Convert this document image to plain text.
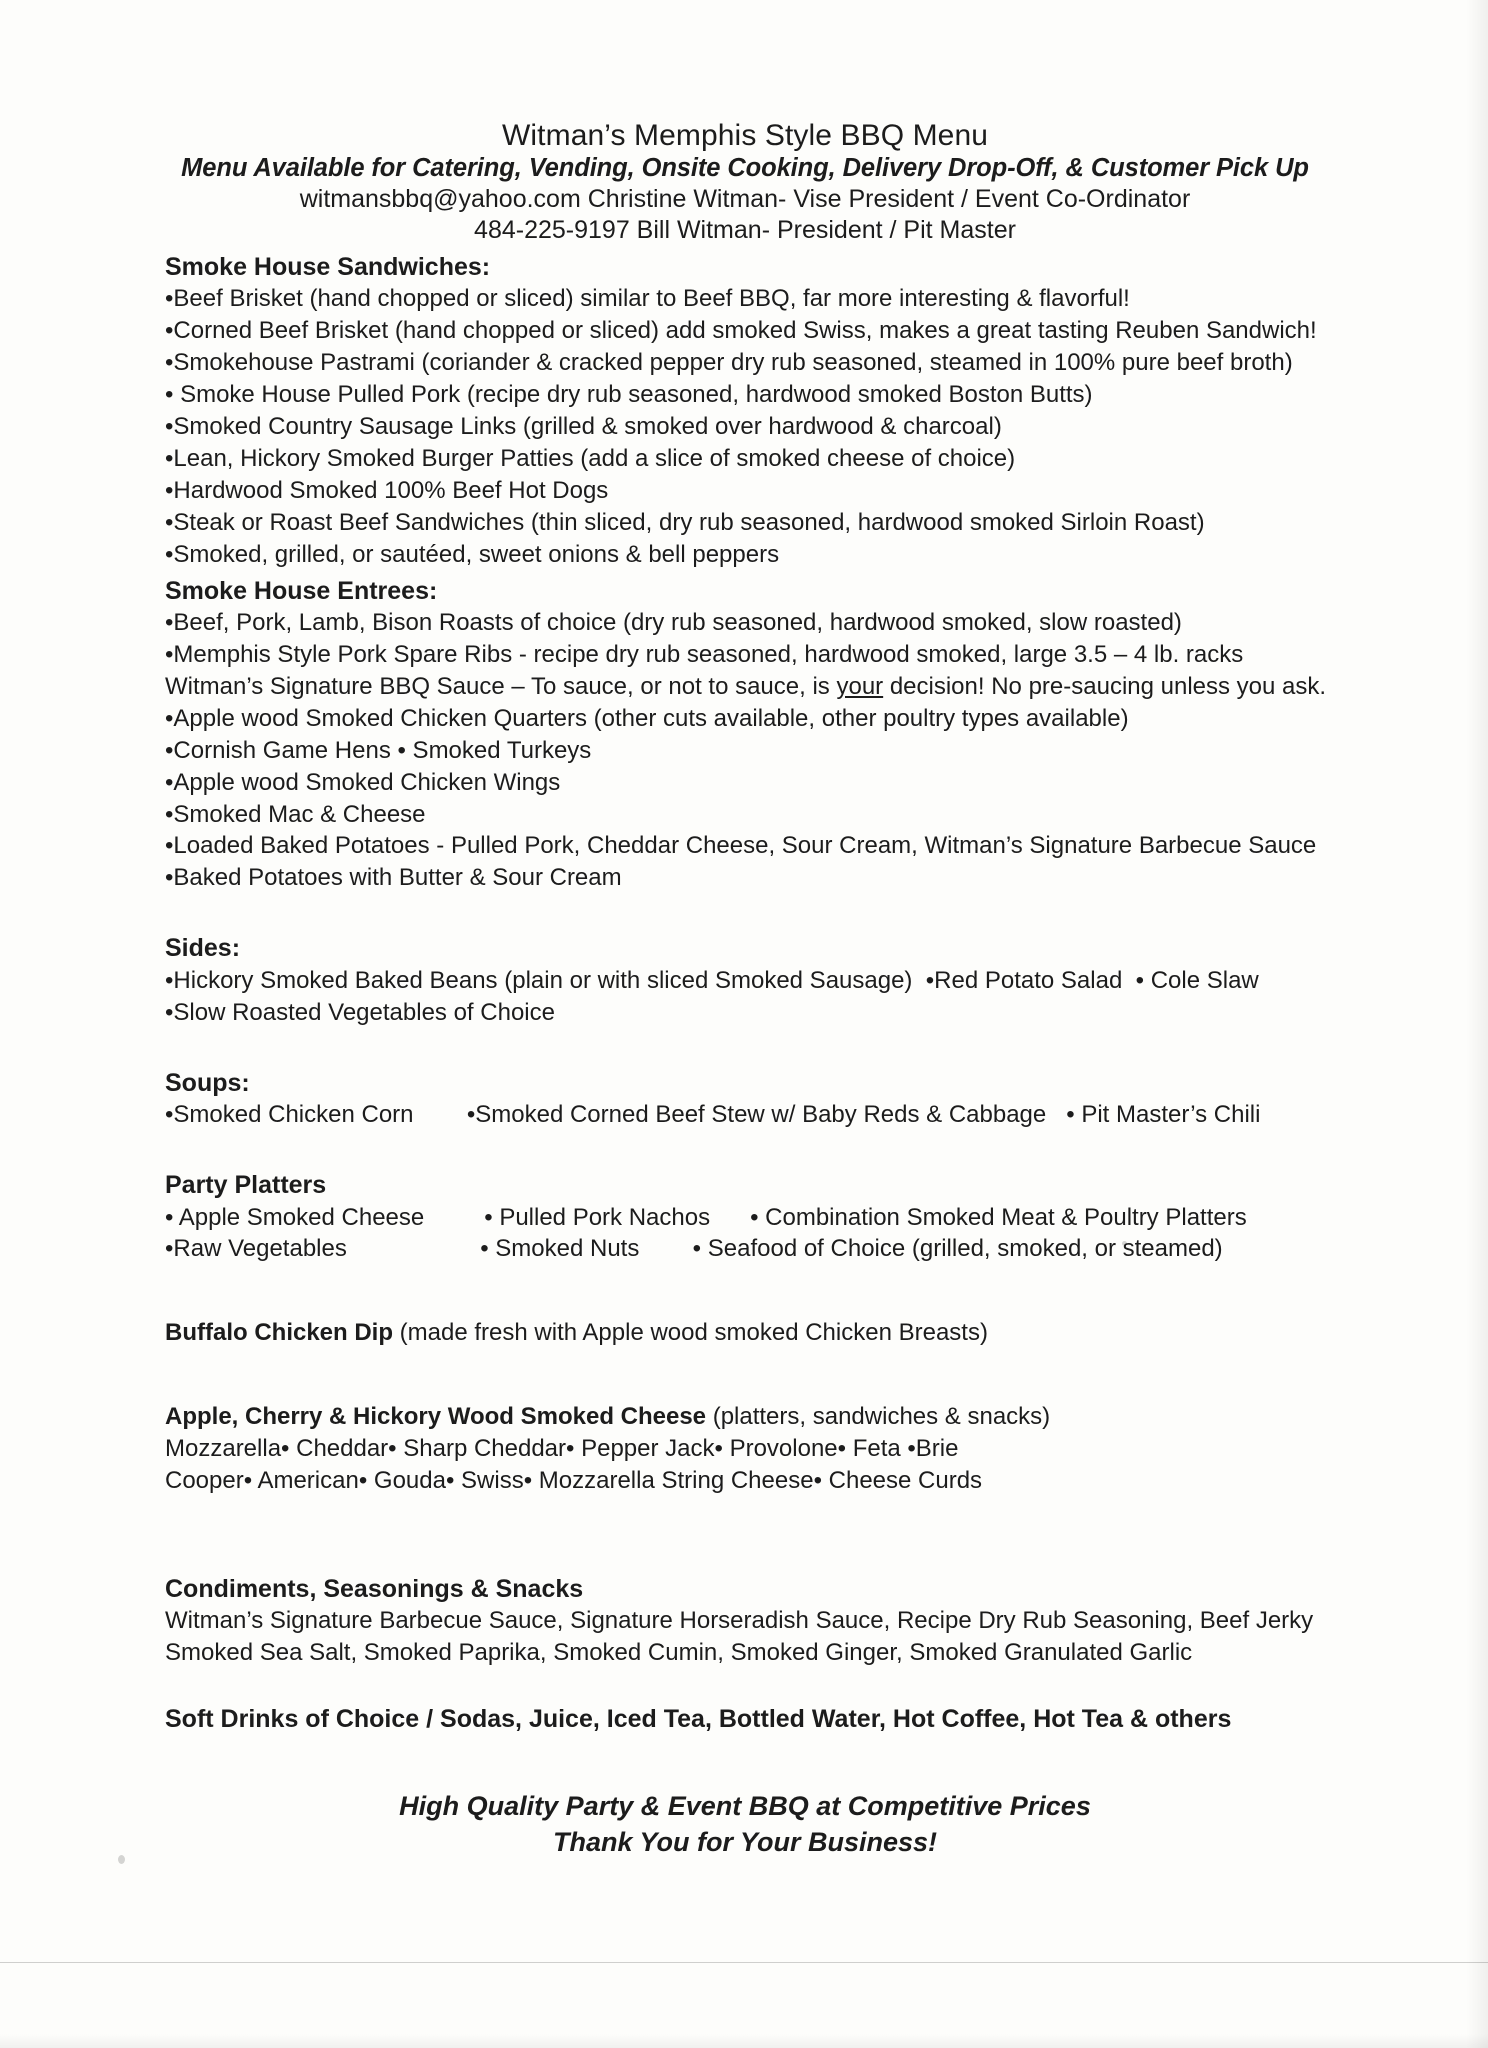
Witman’s Memphis Style BBQ Menu
Menu Available for Catering, Vending, Onsite Cooking, Delivery Drop-Off, & Customer Pick Up
witmansbbq@yahoo.com Christine Witman- Vise President / Event Co-Ordinator
484-225-9197 Bill Witman- President / Pit Master
Smoke House Sandwiches:
•Beef Brisket (hand chopped or sliced) similar to Beef BBQ, far more interesting & flavorful!
•Corned Beef Brisket (hand chopped or sliced) add smoked Swiss, makes a great tasting Reuben Sandwich!
•Smokehouse Pastrami (coriander & cracked pepper dry rub seasoned, steamed in 100% pure beef broth)
• Smoke House Pulled Pork (recipe dry rub seasoned, hardwood smoked Boston Butts)
•Smoked Country Sausage Links (grilled & smoked over hardwood & charcoal)
•Lean, Hickory Smoked Burger Patties (add a slice of smoked cheese of choice)
•Hardwood Smoked 100% Beef Hot Dogs
•Steak or Roast Beef Sandwiches (thin sliced, dry rub seasoned, hardwood smoked Sirloin Roast)
•Smoked, grilled, or sautéed, sweet onions & bell peppers
Smoke House Entrees:
•Beef, Pork, Lamb, Bison Roasts of choice (dry rub seasoned, hardwood smoked, slow roasted)
•Memphis Style Pork Spare Ribs - recipe dry rub seasoned, hardwood smoked, large 3.5 – 4 lb. racks
Witman’s Signature BBQ Sauce – To sauce, or not to sauce, is your decision! No pre-saucing unless you ask.
•Apple wood Smoked Chicken Quarters (other cuts available, other poultry types available)
•Cornish Game Hens • Smoked Turkeys
•Apple wood Smoked Chicken Wings
•Smoked Mac & Cheese
•Loaded Baked Potatoes - Pulled Pork, Cheddar Cheese, Sour Cream, Witman’s Signature Barbecue Sauce
•Baked Potatoes with Butter & Sour Cream
Sides:
•Hickory Smoked Baked Beans (plain or with sliced Smoked Sausage)  •Red Potato Salad  • Cole Slaw
•Slow Roasted Vegetables of Choice
Soups:
•Smoked Chicken Corn        •Smoked Corned Beef Stew w/ Baby Reds & Cabbage   • Pit Master’s Chili
Party Platters
• Apple Smoked Cheese         • Pulled Pork Nachos      • Combination Smoked Meat & Poultry Platters
•Raw Vegetables                    • Smoked Nuts        • Seafood of Choice (grilled, smoked, or steamed)
Buffalo Chicken Dip (made fresh with Apple wood smoked Chicken Breasts)
Apple, Cherry & Hickory Wood Smoked Cheese (platters, sandwiches & snacks)
Mozzarella• Cheddar• Sharp Cheddar• Pepper Jack• Provolone• Feta •Brie
Cooper• American• Gouda• Swiss• Mozzarella String Cheese• Cheese Curds
Condiments, Seasonings & Snacks
Witman’s Signature Barbecue Sauce, Signature Horseradish Sauce, Recipe Dry Rub Seasoning, Beef Jerky
Smoked Sea Salt, Smoked Paprika, Smoked Cumin, Smoked Ginger, Smoked Granulated Garlic
Soft Drinks of Choice / Sodas, Juice, Iced Tea, Bottled Water, Hot Coffee, Hot Tea & others
High Quality Party & Event BBQ at Competitive Prices
Thank You for Your Business!
